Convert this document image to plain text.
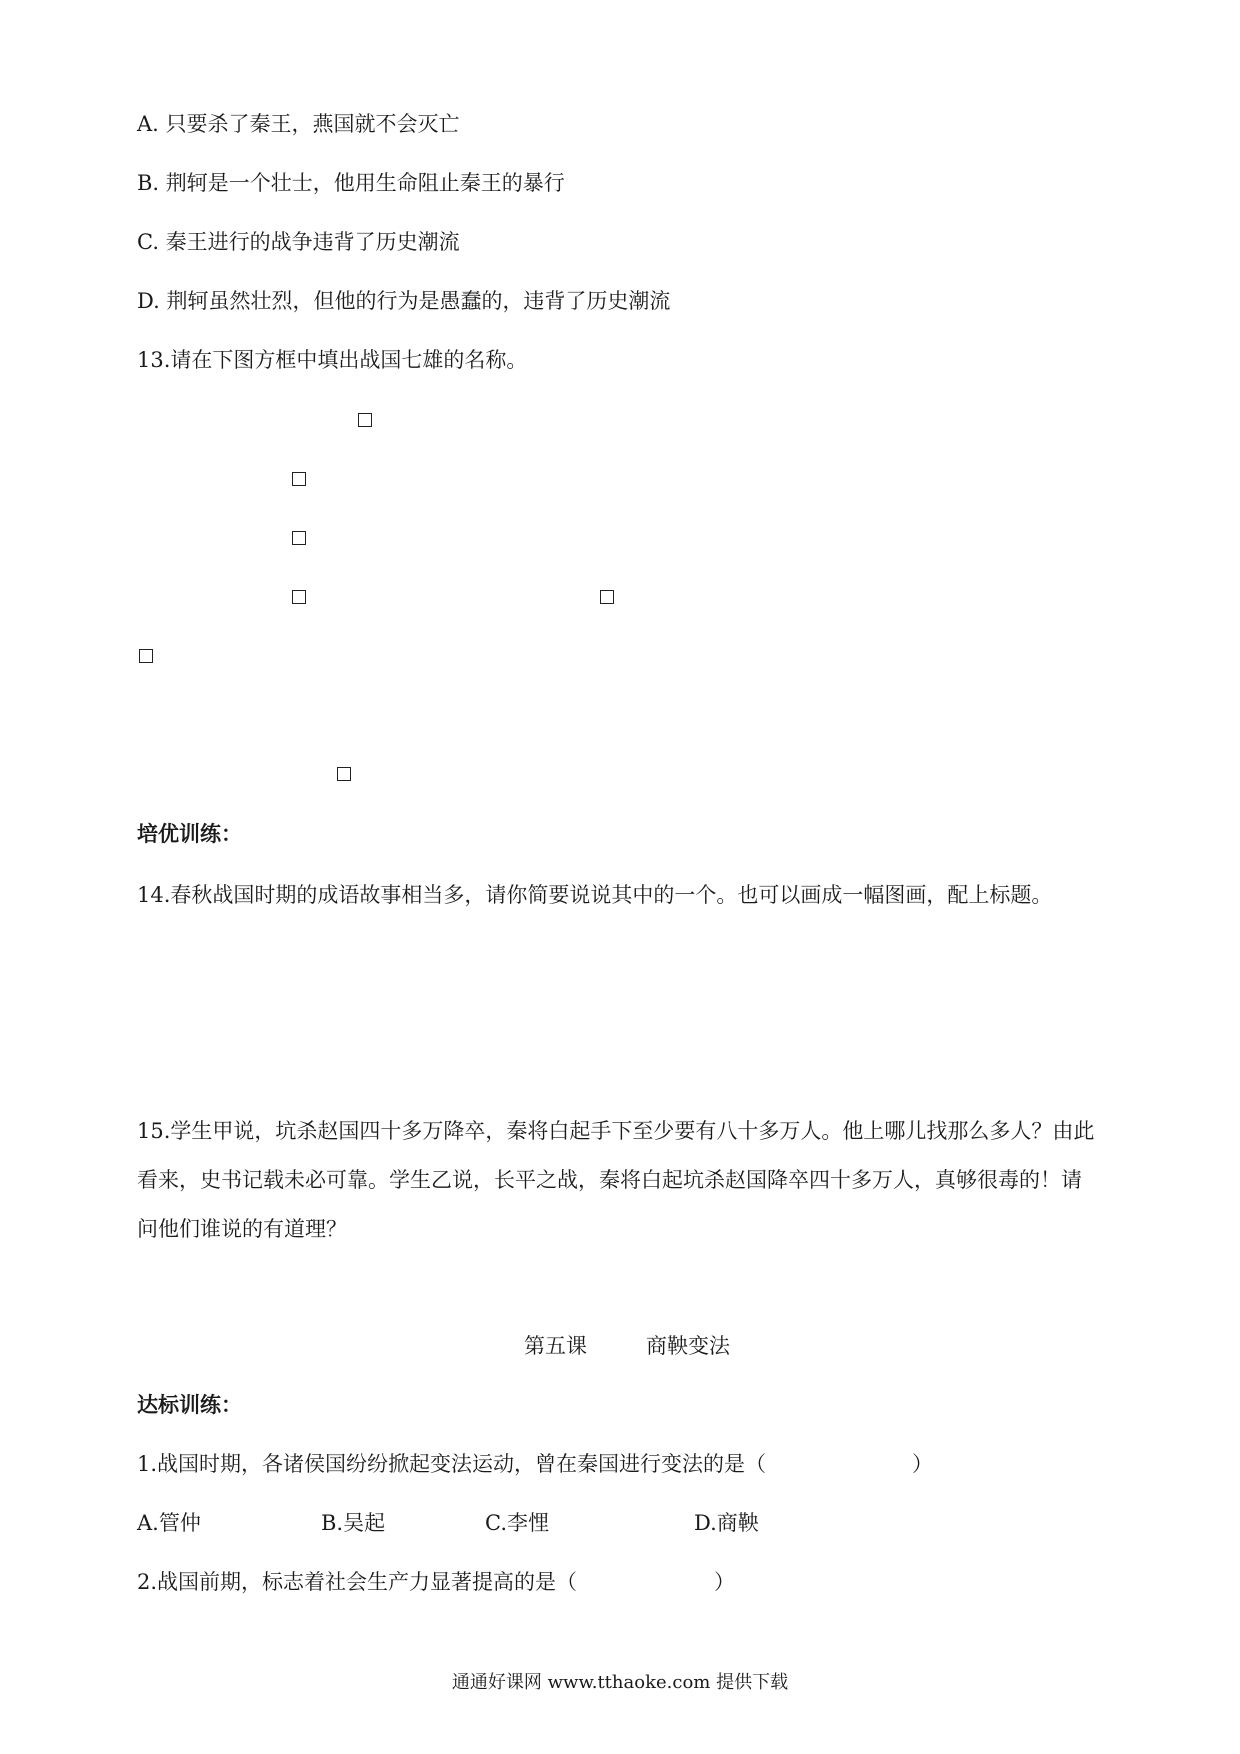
A. 只要杀了秦王，燕国就不会灭亡
B. 荆轲是一个壮士，他用生命阻止秦王的暴行
C. 秦王进行的战争违背了历史潮流
D. 荆轲虽然壮烈，但他的行为是愚蠢的，违背了历史潮流
13.请在下图方框中填出战国七雄的名称。
培优训练：
14.春秋战国时期的成语故事相当多，请你简要说说其中的一个。也可以画成一幅图画，配上标题。
15.学生甲说，坑杀赵国四十多万降卒，秦将白起手下至少要有八十多万人。他上哪儿找那么多人？由此
看来，史书记载未必可靠。学生乙说，长平之战，秦将白起坑杀赵国降卒四十多万人，真够很毒的！请
问他们谁说的有道理？
第五课	商鞅变法
达标训练：
1.战国时期，各诸侯国纷纷掀起变法运动，曾在秦国进行变法的是（	）
A.管仲	B.吴起	C.李悝	D.商鞅
2.战国前期，标志着社会生产力显著提高的是（	）
通通好课网 www.tthaoke.com 提供下载
